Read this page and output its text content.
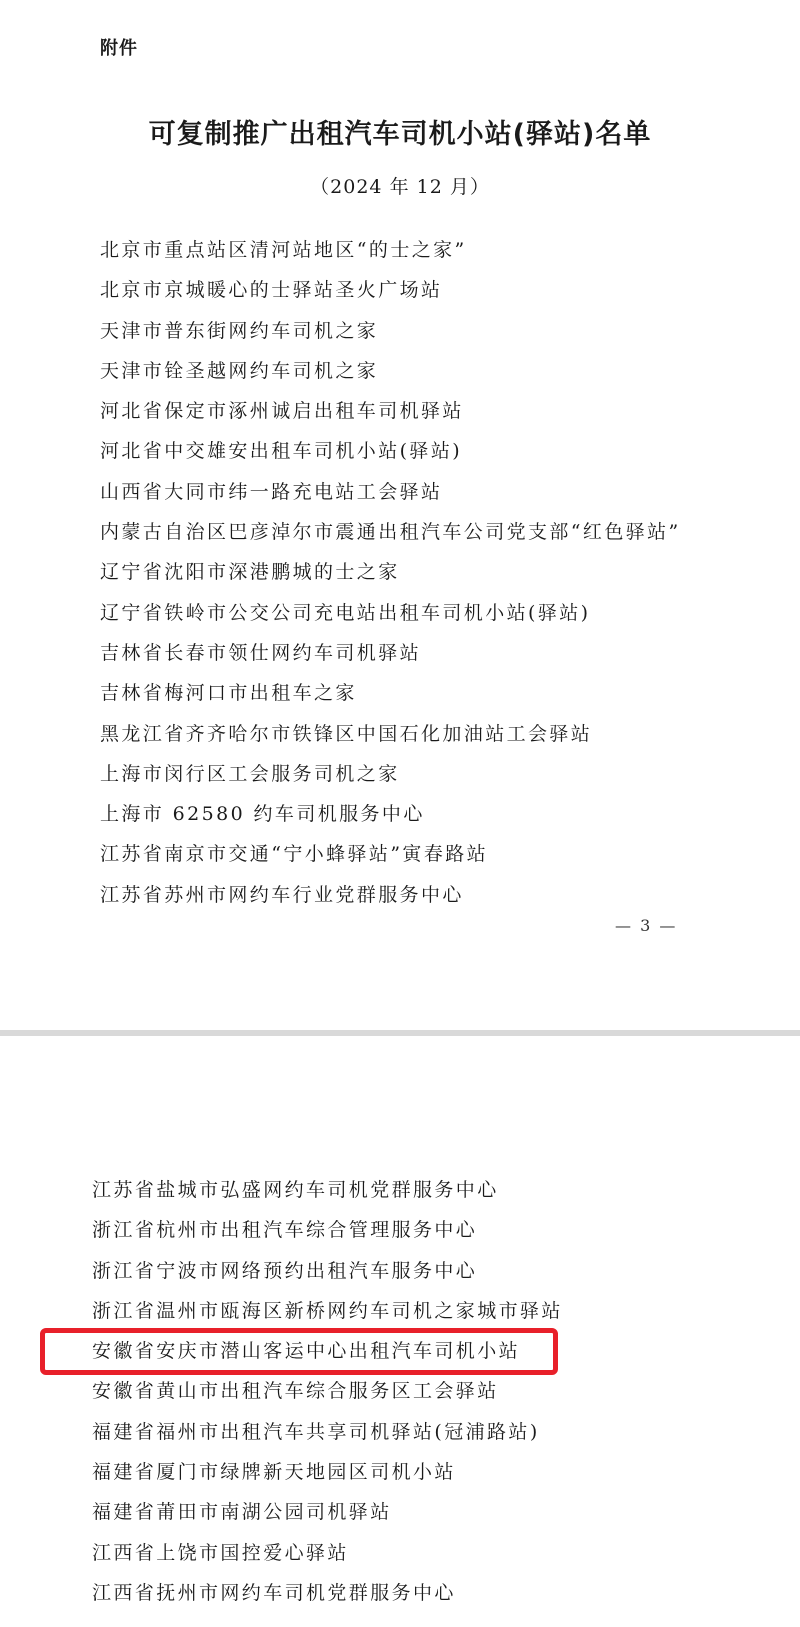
附件
可复制推广出租汽车司机小站(驿站)名单
（2024 年 12 月）
北京市重点站区清河站地区“的士之家”
北京市京城暖心的士驿站圣火广场站
天津市普东街网约车司机之家
天津市铨圣越网约车司机之家
河北省保定市涿州诚启出租车司机驿站
河北省中交雄安出租车司机小站(驿站)
山西省大同市纬一路充电站工会驿站
内蒙古自治区巴彦淖尔市震通出租汽车公司党支部“红色驿站”
辽宁省沈阳市深港鹏城的士之家
辽宁省铁岭市公交公司充电站出租车司机小站(驿站)
吉林省长春市领仕网约车司机驿站
吉林省梅河口市出租车之家
黑龙江省齐齐哈尔市铁锋区中国石化加油站工会驿站
上海市闵行区工会服务司机之家
上海市 62580 约车司机服务中心
江苏省南京市交通“宁小蜂驿站”寅春路站
江苏省苏州市网约车行业党群服务中心
— 3 —
江苏省盐城市弘盛网约车司机党群服务中心
浙江省杭州市出租汽车综合管理服务中心
浙江省宁波市网络预约出租汽车服务中心
浙江省温州市瓯海区新桥网约车司机之家城市驿站
安徽省安庆市潜山客运中心出租汽车司机小站
安徽省黄山市出租汽车综合服务区工会驿站
福建省福州市出租汽车共享司机驿站(冠浦路站)
福建省厦门市绿牌新天地园区司机小站
福建省莆田市南湖公园司机驿站
江西省上饶市国控爱心驿站
江西省抚州市网约车司机党群服务中心
